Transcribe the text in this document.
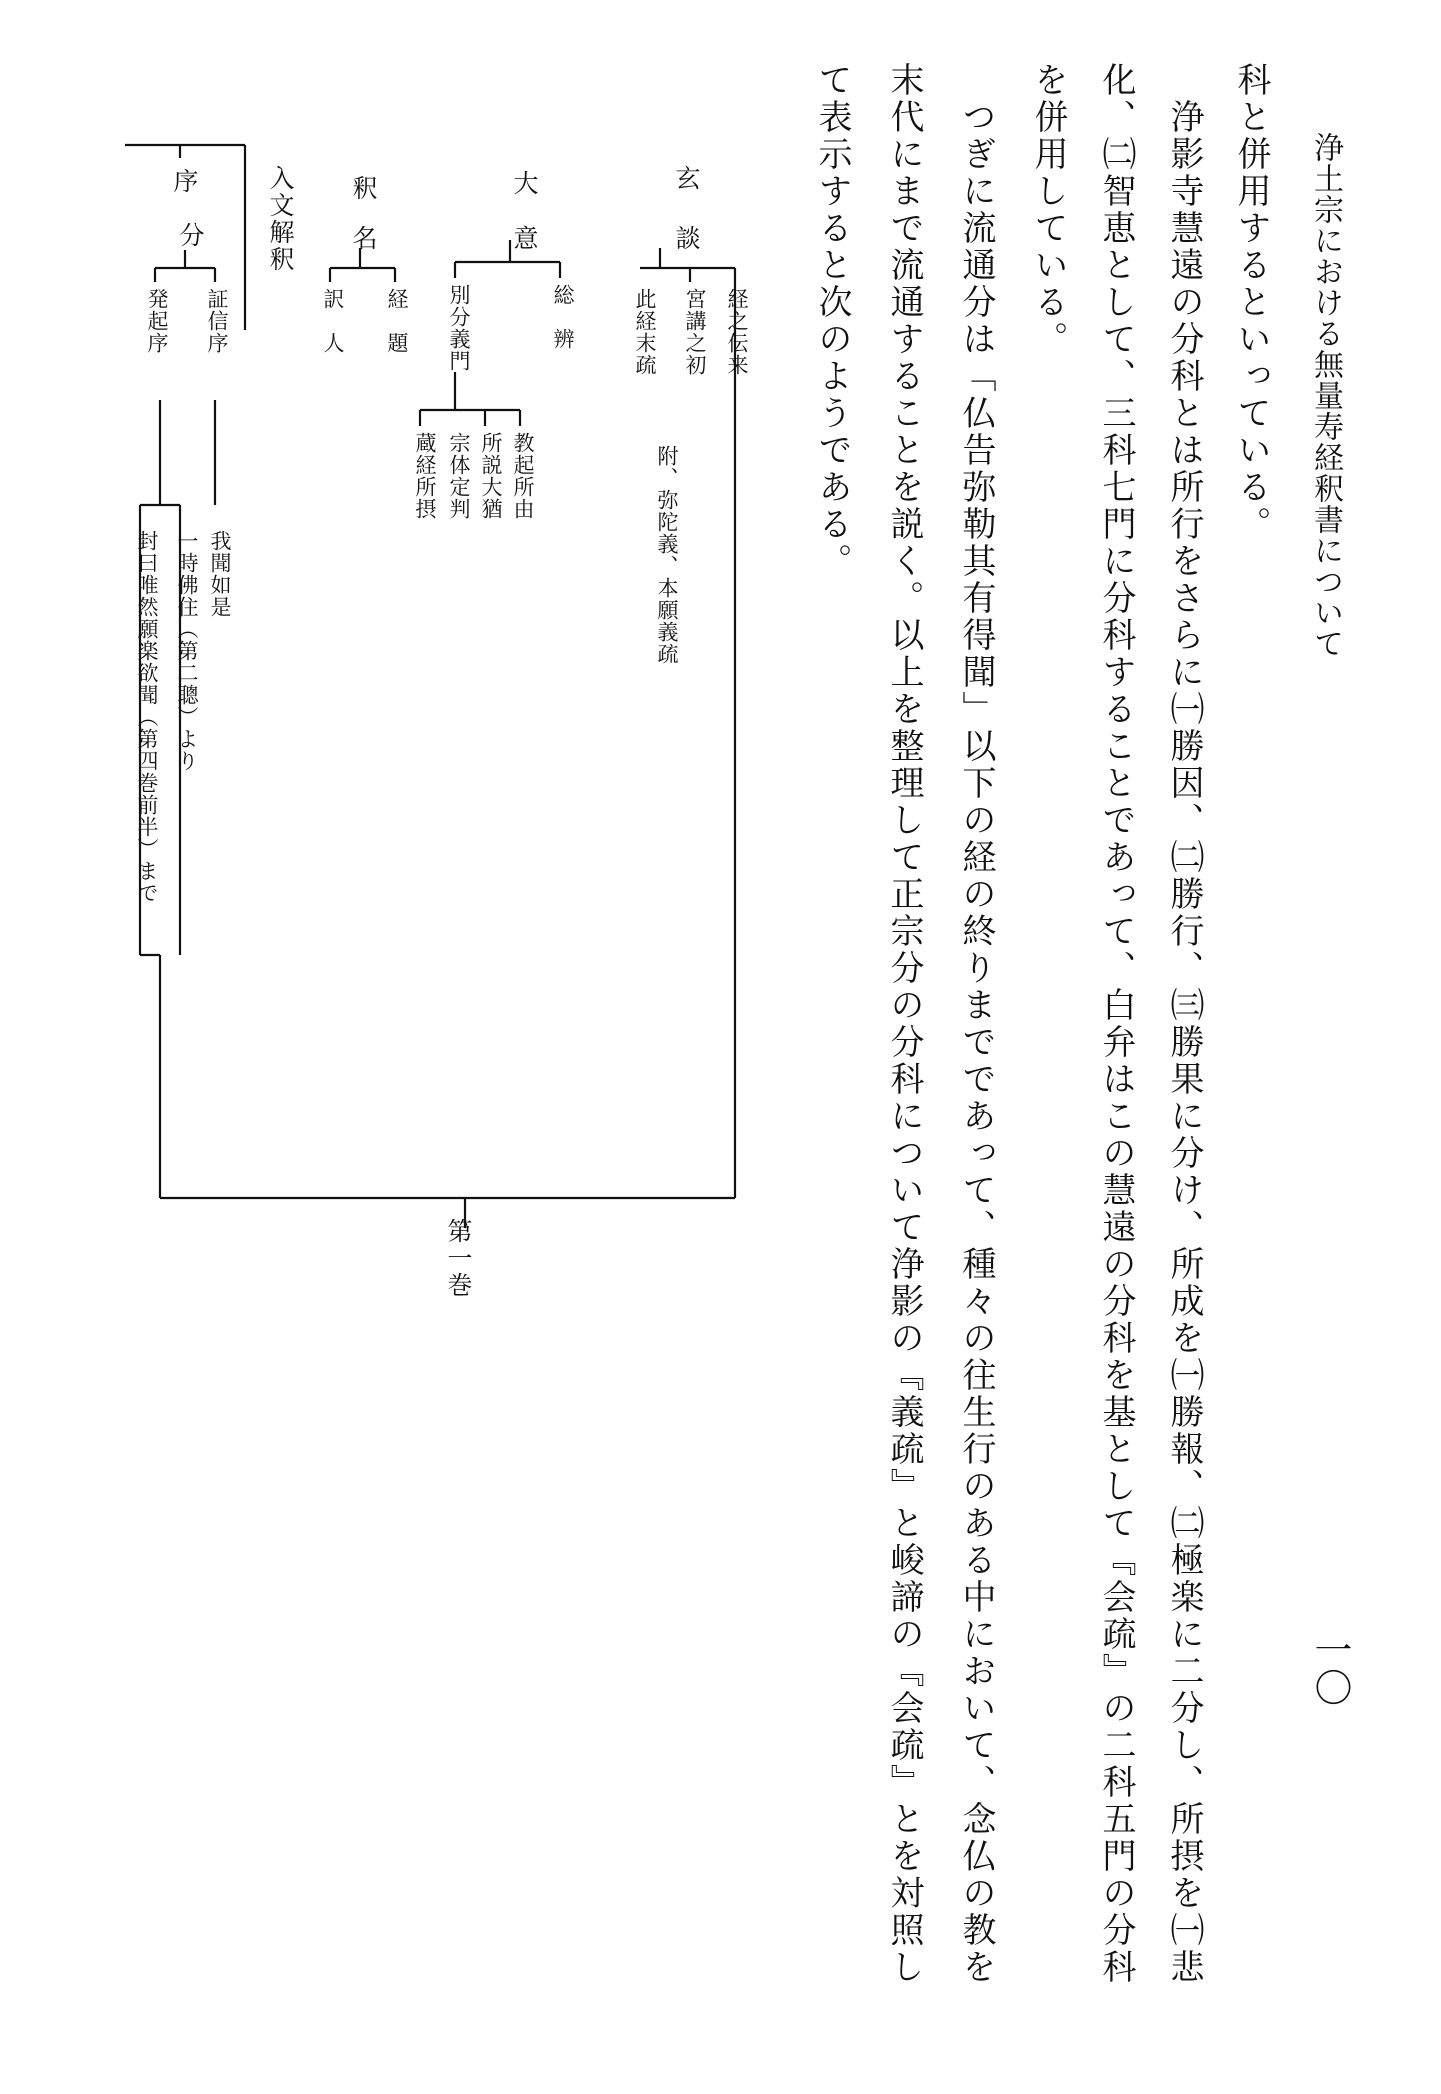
浄土宗における無量寿経釈書について
一〇
科と併用するといっている。
　浄影寺慧遠の分科とは所行をさらに㈠勝因、㈡勝行、㈢勝果に分け、所成を㈠勝報、㈡極楽に二分し、所摂を㈠悲
化、㈡智恵として、三科七門に分科することであって、白弁はこの慧遠の分科を基として『会疏』の二科五門の分科
を併用している。
　つぎに流通分は「仏告弥勒其有得聞」以下の経の終りまでであって、種々の往生行のある中において、念仏の教を
末代にまで流通することを説く。以上を整理して正宗分の分科について浄影の『義疏』と峻諦の『会疏』とを対照し
て表示すると次のようである。
玄
談
経之伝来
宮講之初
此経末疏
附、弥陀義、本願義疏
大
意
総　辨
別分義門
教起所由
所説大猶
宗体定判
蔵経所摂
釈
名
経　題
訳　人
入文解釈
序
分
証信序
発起序
我聞如是
一時佛住（第二聰）より
封曰唯然願楽欲聞（第四巻前半）まで
第一巻
